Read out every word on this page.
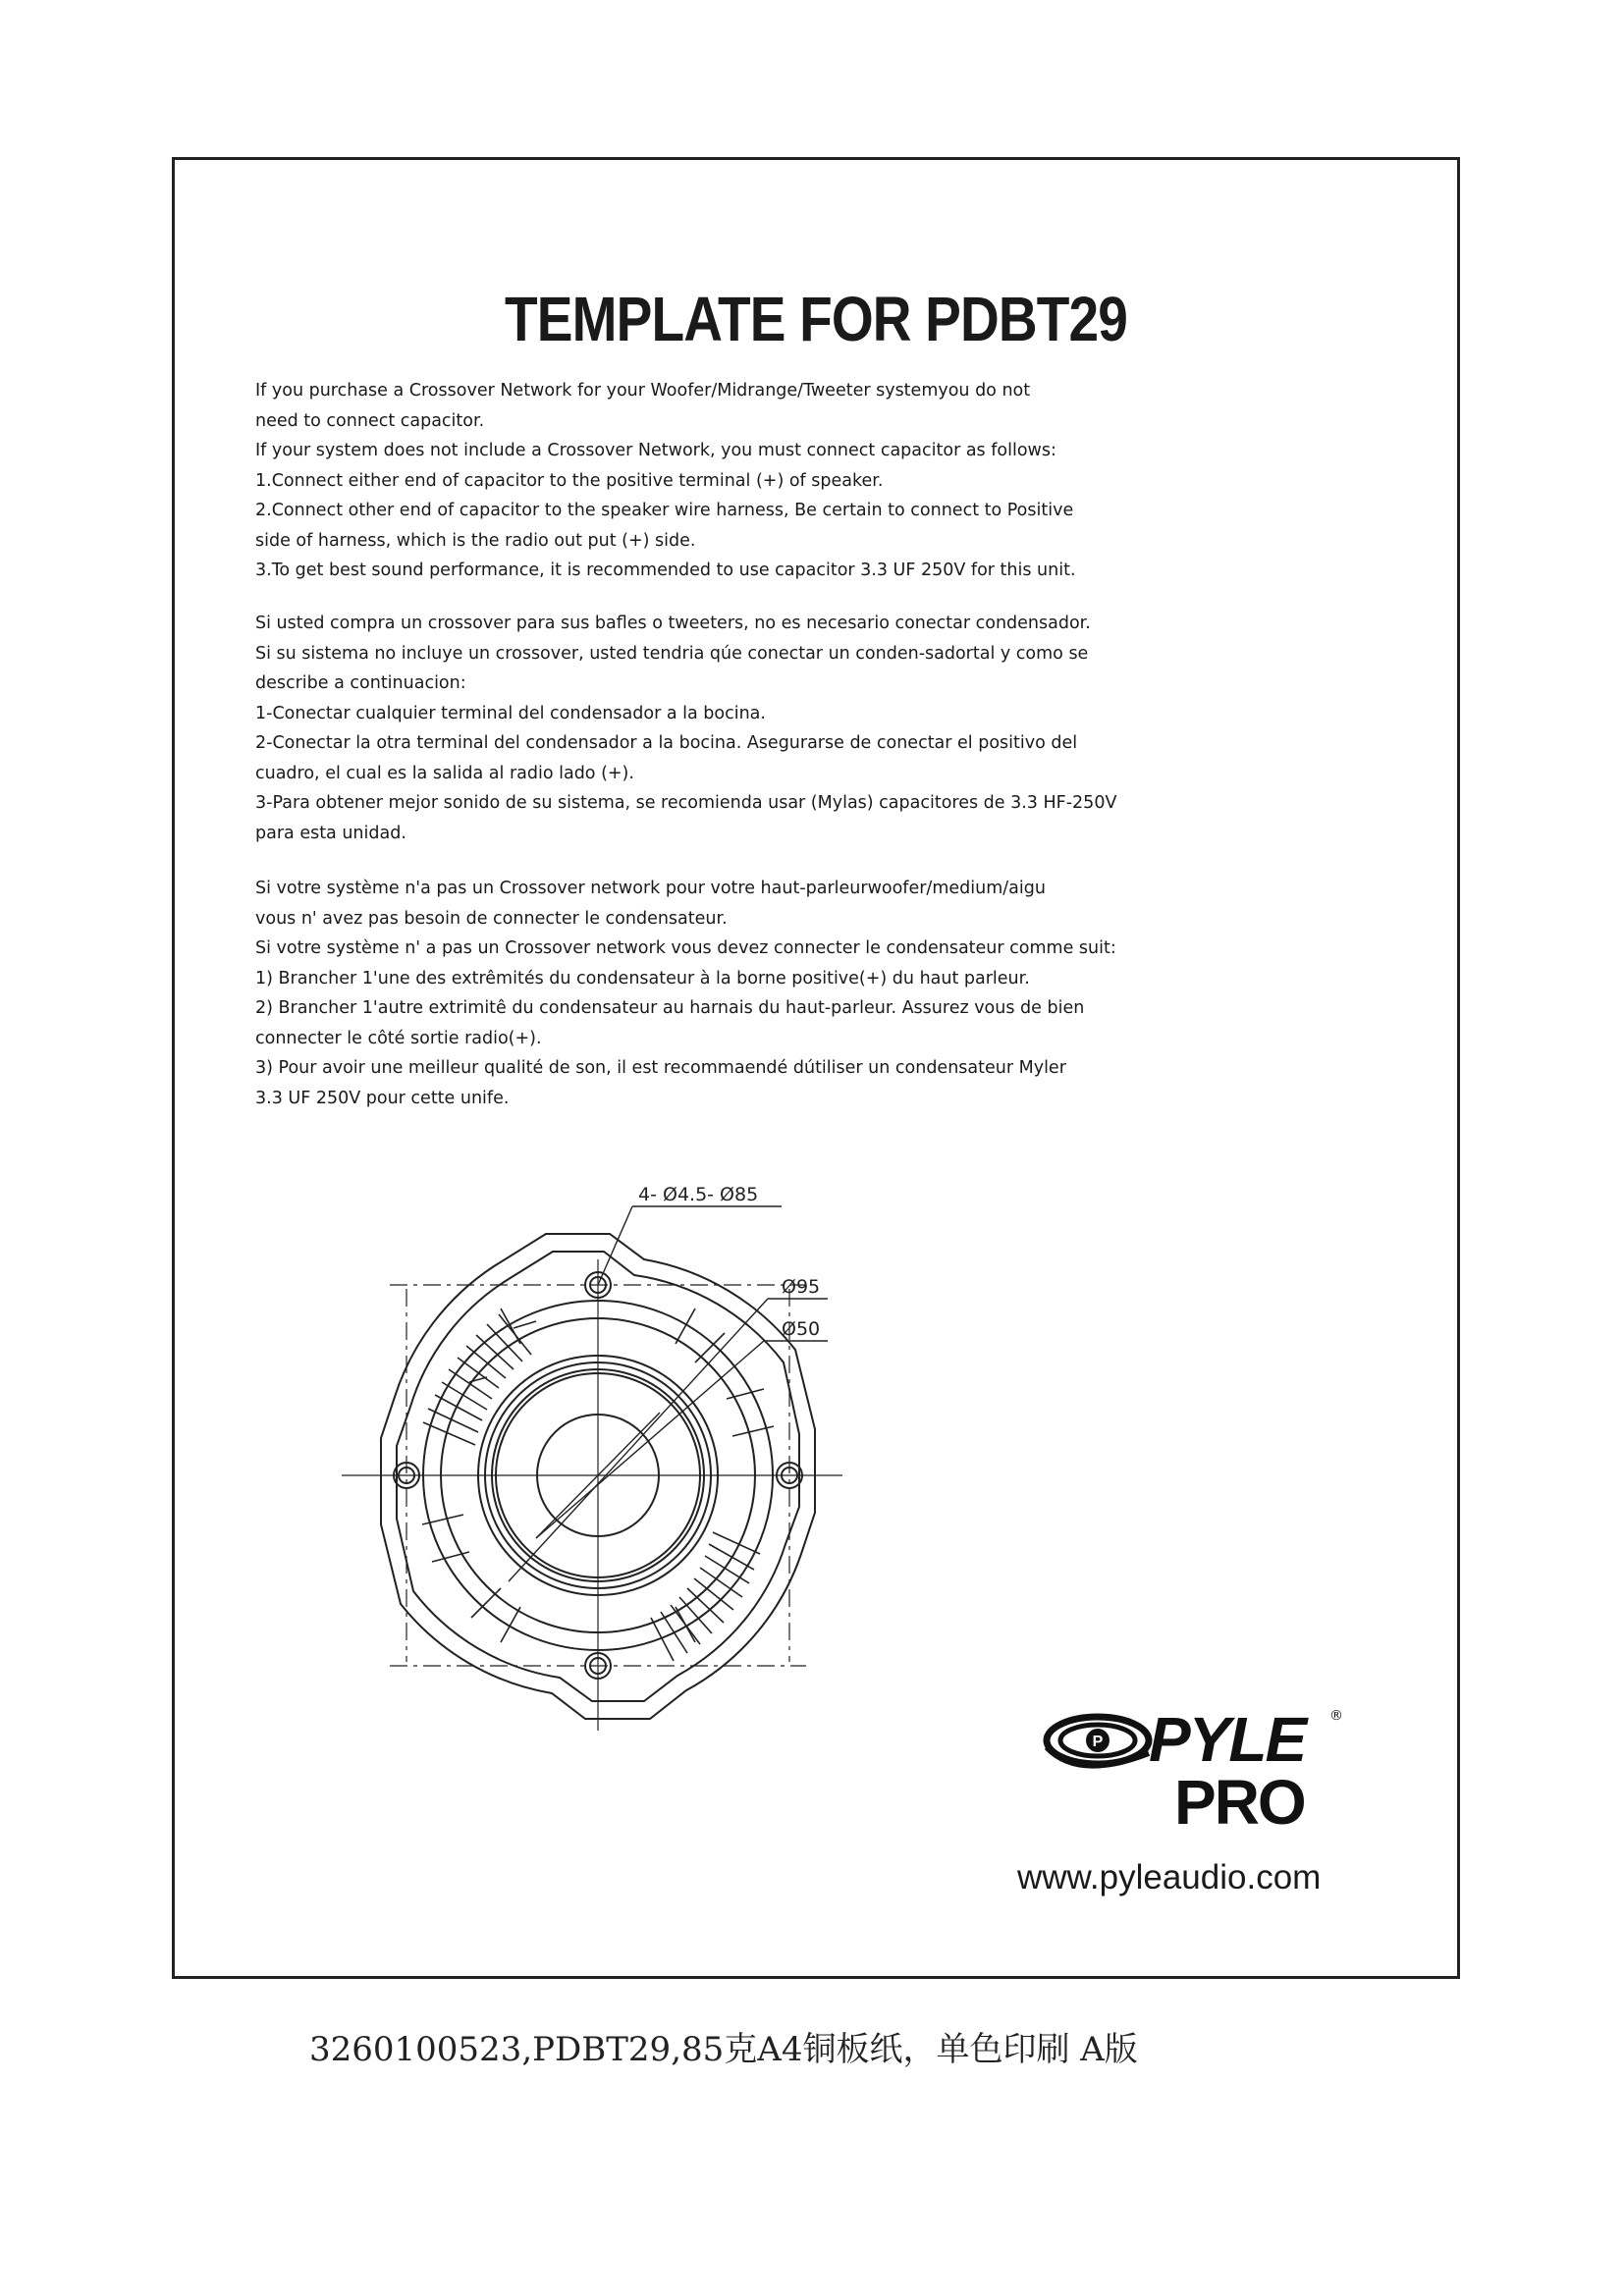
TEMPLATE FOR PDBT29
If you purchase a Crossover Network for your Woofer/Midrange/Tweeter systemyou do not
need to connect capacitor.
If your system does not include a Crossover Network, you must connect capacitor as follows:
1.Connect either end of capacitor to the positive terminal (+) of speaker.
2.Connect other end of capacitor to the speaker wire harness, Be certain to connect to Positive
side of harness, which is the radio out put (+) side.
3.To get best sound performance, it is recommended to use capacitor 3.3 UF 250V for this unit.
Si usted compra un crossover para sus bafles o tweeters, no es necesario conectar condensador.
Si su sistema no incluye un crossover, usted tendria qúe conectar un conden-sadortal y como se
describe a continuacion:
1-Conectar cualquier terminal del condensador a la bocina.
2-Conectar la otra terminal del condensador a la bocina. Asegurarse de conectar el positivo del
cuadro, el cual es la salida al radio lado (+).
3-Para obtener mejor sonido de su sistema, se recomienda usar (Mylas) capacitores de 3.3 HF-250V
para esta unidad.
Si votre système n'a pas un Crossover network pour votre haut-parleurwoofer/medium/aigu
vous n' avez pas besoin de connecter le condensateur.
Si votre système n' a pas un Crossover network vous devez connecter le condensateur comme suit:
1) Brancher 1'une des extrêmités du condensateur à la borne positive(+) du haut parleur.
2) Brancher 1'autre extrimitê du condensateur au harnais du haut-parleur. Assurez vous de bien
connecter le côté sortie radio(+).
3) Pour avoir une meilleur qualité de son, il est recommaendé dútiliser un condensateur Myler
3.3 UF 250V pour cette unife.
4- Ø4.5- Ø85
Ø95
Ø50
P PYLE	®
PRO
www.pyleaudio.com
3260100523,PDBT29,85克A4铜板纸，单色印刷 A版
